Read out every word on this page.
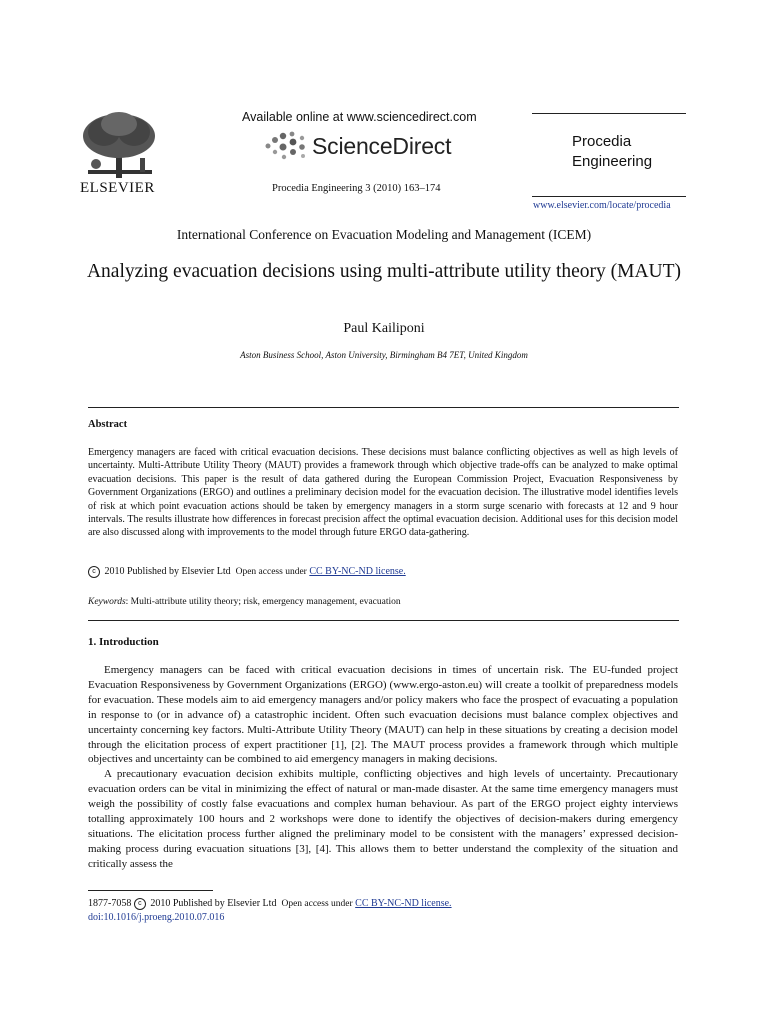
ELSEVIER
Available online at www.sciencedirect.com
ScienceDirect
Procedia Engineering 3 (2010) 163–174
Procedia
Engineering
www.elsevier.com/locate/procedia
International Conference on Evacuation Modeling and Management (ICEM)
Analyzing evacuation decisions using multi-attribute utility theory (MAUT)
Paul Kailiponi
Aston Business School, Aston University, Birmingham B4 7ET, United Kingdom
Abstract
Emergency managers are faced with critical evacuation decisions. These decisions must balance conflicting objectives as well as high levels of uncertainty. Multi-Attribute Utility Theory (MAUT) provides a framework through which objective trade-offs can be analyzed to make optimal evacuation decisions. This paper is the result of data gathered during the European Commission Project, Evacuation Responsiveness by Government Organizations (ERGO) and outlines a preliminary decision model for the evacuation decision. The illustrative model identifies levels of risk at which point evacuation actions should be taken by emergency managers in a storm surge scenario with forecasts at 12 and 9 hour intervals. The results illustrate how differences in forecast precision affect the optimal evacuation decision. Additional uses for this decision model are also discussed along with improvements to the model through future ERGO data-gathering.
c 2010 Published by Elsevier Ltd Open access under CC BY-NC-ND license.
Keywords: Multi-attribute utility theory; risk, emergency management, evacuation
1. Introduction

Emergency managers can be faced with critical evacuation decisions in times of uncertain risk. The EU-funded project Evacuation Responsiveness by Government Organizations (ERGO) (www.ergo-aston.eu) will create a toolkit of preparedness models for evacuation. These models aim to aid emergency managers and/or policy makers who face the prospect of evacuating a population in response to (or in advance of) a catastrophic incident. Often such evacuation decisions must balance complex objectives and uncertainty concerning key factors. Multi-Attribute Utility Theory (MAUT) can help in these situations by creating a decision model through the elicitation process of expert practitioner [1], [2]. The MAUT process provides a framework through which multiple objectives and uncertainty can be combined to aid emergency managers in making decisions.

A precautionary evacuation decision exhibits multiple, conflicting objectives and high levels of uncertainty. Precautionary evacuation orders can be vital in minimizing the effect of natural or man-made disaster. At the same time emergency managers must weigh the possibility of costly false evacuations and complex human behaviour. As part of the ERGO project eighty interviews totalling approximately 100 hours and 2 workshops were done to identify the objectives of decision-makers during emergency situations. The elicitation process further aligned the preliminary model to be consistent with the managers’ expressed decision-making process during evacuation situations [3], [4]. This allows them to better understand the complexity of the situation and critically assess the

1877-7058 c 2010 Published by Elsevier Ltd Open access under CC BY-NC-ND license.
doi:10.1016/j.proeng.2010.07.016
